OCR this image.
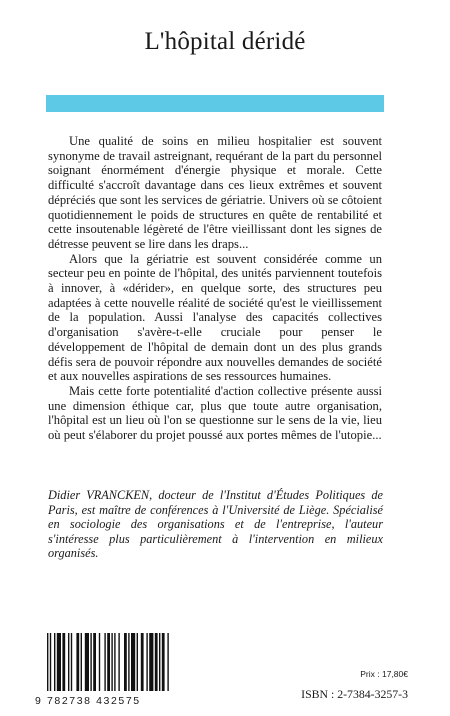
L'hôpital déridé

Une qualité de soins en milieu hospitalier est souvent synonyme de travail astreignant, requérant de la part du personnel soignant énormément d'énergie physique et morale. Cette difficulté s'accroît davantage dans ces lieux extrêmes et souvent dépréciés que sont les services de gériatrie. Univers où se côtoient quotidiennement le poids de structures en quête de rentabilité et cette insoutenable légèreté de l'être vieillissant dont les signes de détresse peuvent se lire dans les draps...

Alors que la gériatrie est souvent considérée comme un secteur peu en pointe de l'hôpital, des unités parviennent toutefois à innover, à «dérider», en quelque sorte, des structures peu adaptées à cette nouvelle réalité de société qu'est le vieillissement de la population. Aussi l'analyse des capacités collectives d'organisation s'avère-t-elle cruciale pour penser le développement de l'hôpital de demain dont un des plus grands défis sera de pouvoir répondre aux nouvelles demandes de société et aux nouvelles aspirations de ses ressources humaines.

Mais cette forte potentialité d'action collective présente aussi une dimension éthique car, plus que toute autre organisation, l'hôpital est un lieu où l'on se questionne sur le sens de la vie, lieu où peut s'élaborer du projet poussé aux portes mêmes de l'utopie...

Didier VRANCKEN, docteur de l'Institut d'Études Politiques de Paris, est maître de conférences à l'Université de Liège. Spécialisé en sociologie des organisations et de l'entreprise, l'auteur s'intéresse plus particulièrement à l'intervention en milieux organisés.

9 782738 432575
Prix : 17,80€
ISBN : 2-7384-3257-3
